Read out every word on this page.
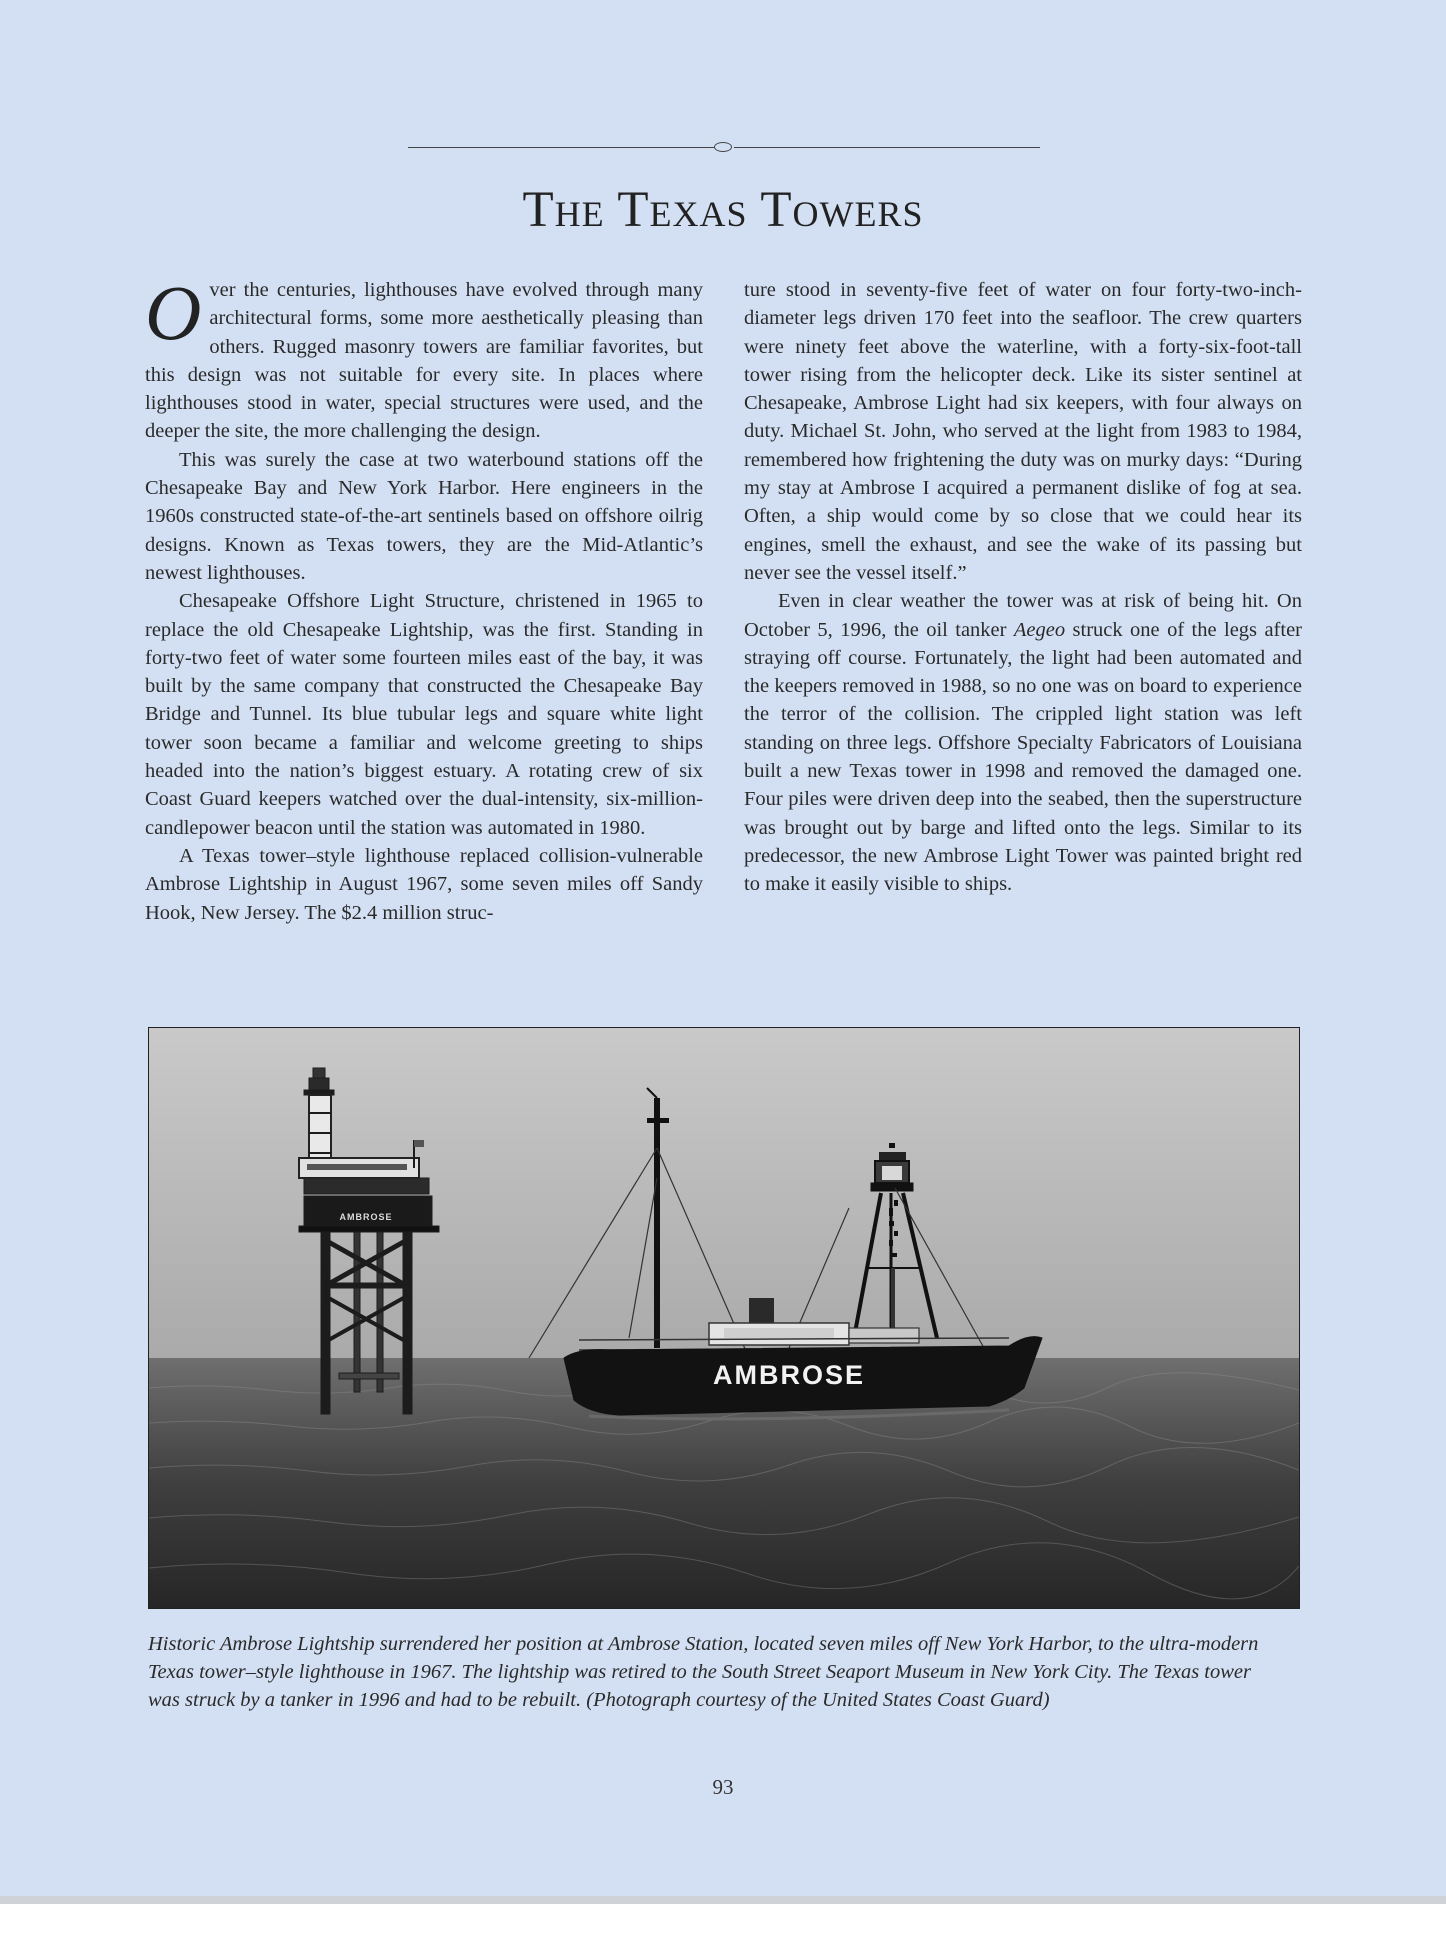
The Texas Towers

Over the centuries, lighthouses have evolved through many architectural forms, some more aesthetically pleasing than others. Rugged masonry towers are familiar favorites, but this design was not suitable for every site. In places where lighthouses stood in water, special structures were used, and the deeper the site, the more challenging the design.

This was surely the case at two waterbound stations off the Chesapeake Bay and New York Harbor. Here engineers in the 1960s constructed state-of-the-art sentinels based on offshore oilrig designs. Known as Texas towers, they are the Mid-Atlantic’s newest lighthouses.

Chesapeake Offshore Light Structure, christened in 1965 to replace the old Chesapeake Lightship, was the first. Standing in forty-two feet of water some fourteen miles east of the bay, it was built by the same company that constructed the Chesapeake Bay Bridge and Tunnel. Its blue tubular legs and square white light tower soon became a familiar and welcome greeting to ships headed into the nation’s biggest estuary. A rotating crew of six Coast Guard keepers watched over the dual-intensity, six-million-candlepower beacon until the station was automated in 1980.

A Texas tower–style lighthouse replaced collision-vulnerable Ambrose Lightship in August 1967, some seven miles off Sandy Hook, New Jersey. The $2.4 million struc-

ture stood in seventy-five feet of water on four forty-two-inch-diameter legs driven 170 feet into the seafloor. The crew quarters were ninety feet above the waterline, with a forty-six-foot-tall tower rising from the helicopter deck. Like its sister sentinel at Chesapeake, Ambrose Light had six keepers, with four always on duty. Michael St. John, who served at the light from 1983 to 1984, remembered how frightening the duty was on murky days: “During my stay at Ambrose I acquired a permanent dislike of fog at sea. Often, a ship would come by so close that we could hear its engines, smell the exhaust, and see the wake of its passing but never see the vessel itself.”

Even in clear weather the tower was at risk of being hit. On October 5, 1996, the oil tanker Aegeo struck one of the legs after straying off course. Fortunately, the light had been automated and the keepers removed in 1988, so no one was on board to experience the terror of the collision. The crippled light station was left standing on three legs. Offshore Specialty Fabricators of Louisiana built a new Texas tower in 1998 and removed the damaged one. Four piles were driven deep into the seabed, then the superstructure was brought out by barge and lifted onto the legs. Similar to its predecessor, the new Ambrose Light Tower was painted bright red to make it easily visible to ships.

AMBROSE
AMBROSE

Historic Ambrose Lightship surrendered her position at Ambrose Station, located seven miles off New York Harbor, to the ultra-modern Texas tower–style lighthouse in 1967. The lightship was retired to the South Street Seaport Museum in New York City. The Texas tower was struck by a tanker in 1996 and had to be rebuilt. (Photograph courtesy of the United States Coast Guard)

93
